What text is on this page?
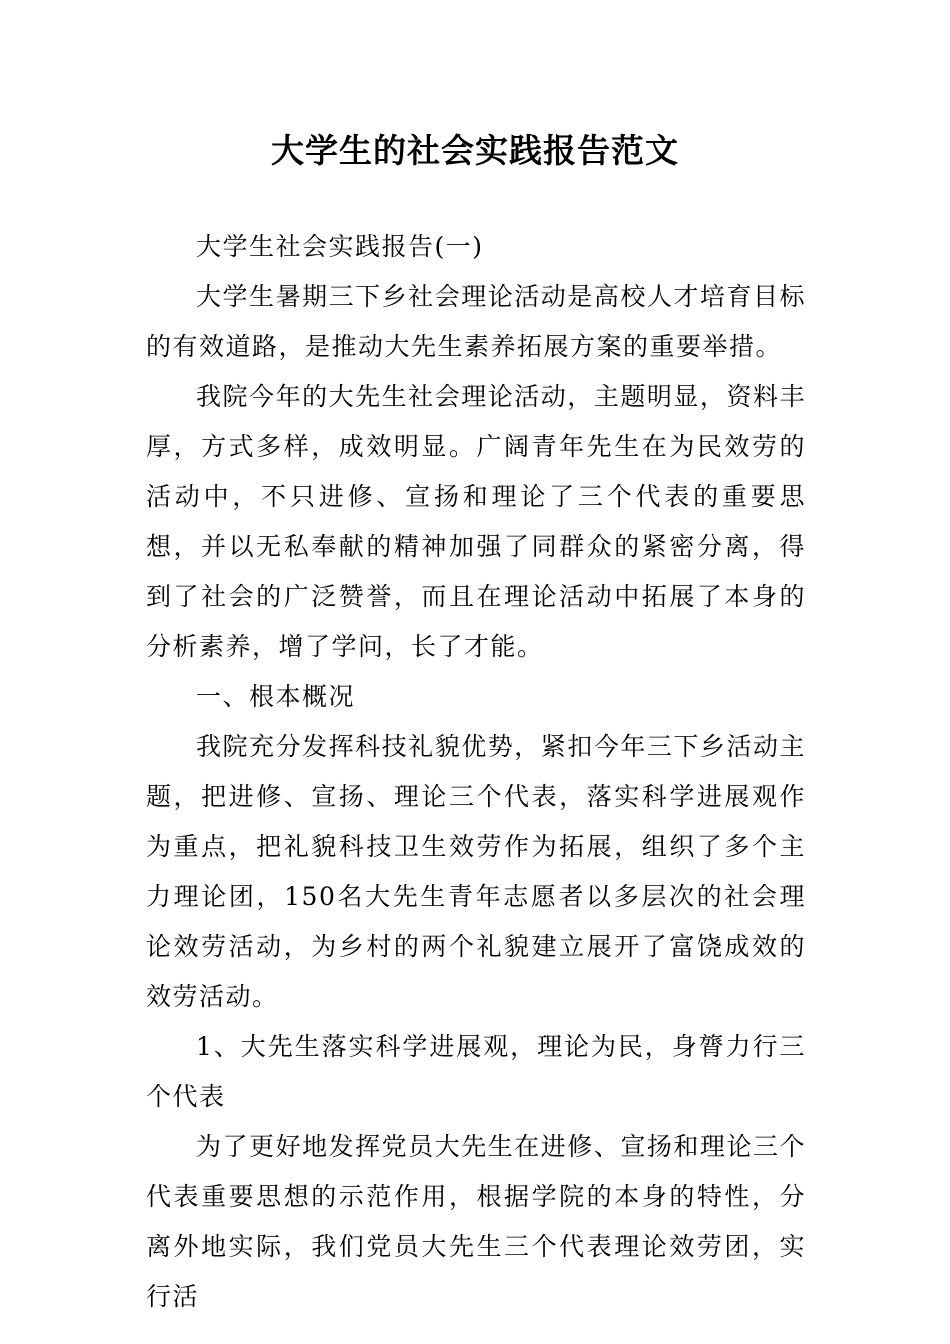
大学生的社会实践报告范文

大学生社会实践报告(一)

大学生暑期三下乡社会理论活动是高校人才培育目标的有效道路，是推动大先生素养拓展方案的重要举措。

我院今年的大先生社会理论活动，主题明显，资料丰厚，方式多样，成效明显。广阔青年先生在为民效劳的活动中，不只进修、宣扬和理论了三个代表的重要思想，并以无私奉献的精神加强了同群众的紧密分离，得到了社会的广泛赞誉，而且在理论活动中拓展了本身的分析素养，增了学问，长了才能。

一、根本概况

我院充分发挥科技礼貌优势，紧扣今年三下乡活动主题，把进修、宣扬、理论三个代表，落实科学进展观作为重点，把礼貌科技卫生效劳作为拓展，组织了多个主力理论团，150名大先生青年志愿者以多层次的社会理论效劳活动，为乡村的两个礼貌建立展开了富饶成效的效劳活动。

1、大先生落实科学进展观，理论为民，身膂力行三个代表

为了更好地发挥党员大先生在进修、宣扬和理论三个代表重要思想的示范作用，根据学院的本身的特性，分离外地实际，我们党员大先生三个代表理论效劳团，实行活
